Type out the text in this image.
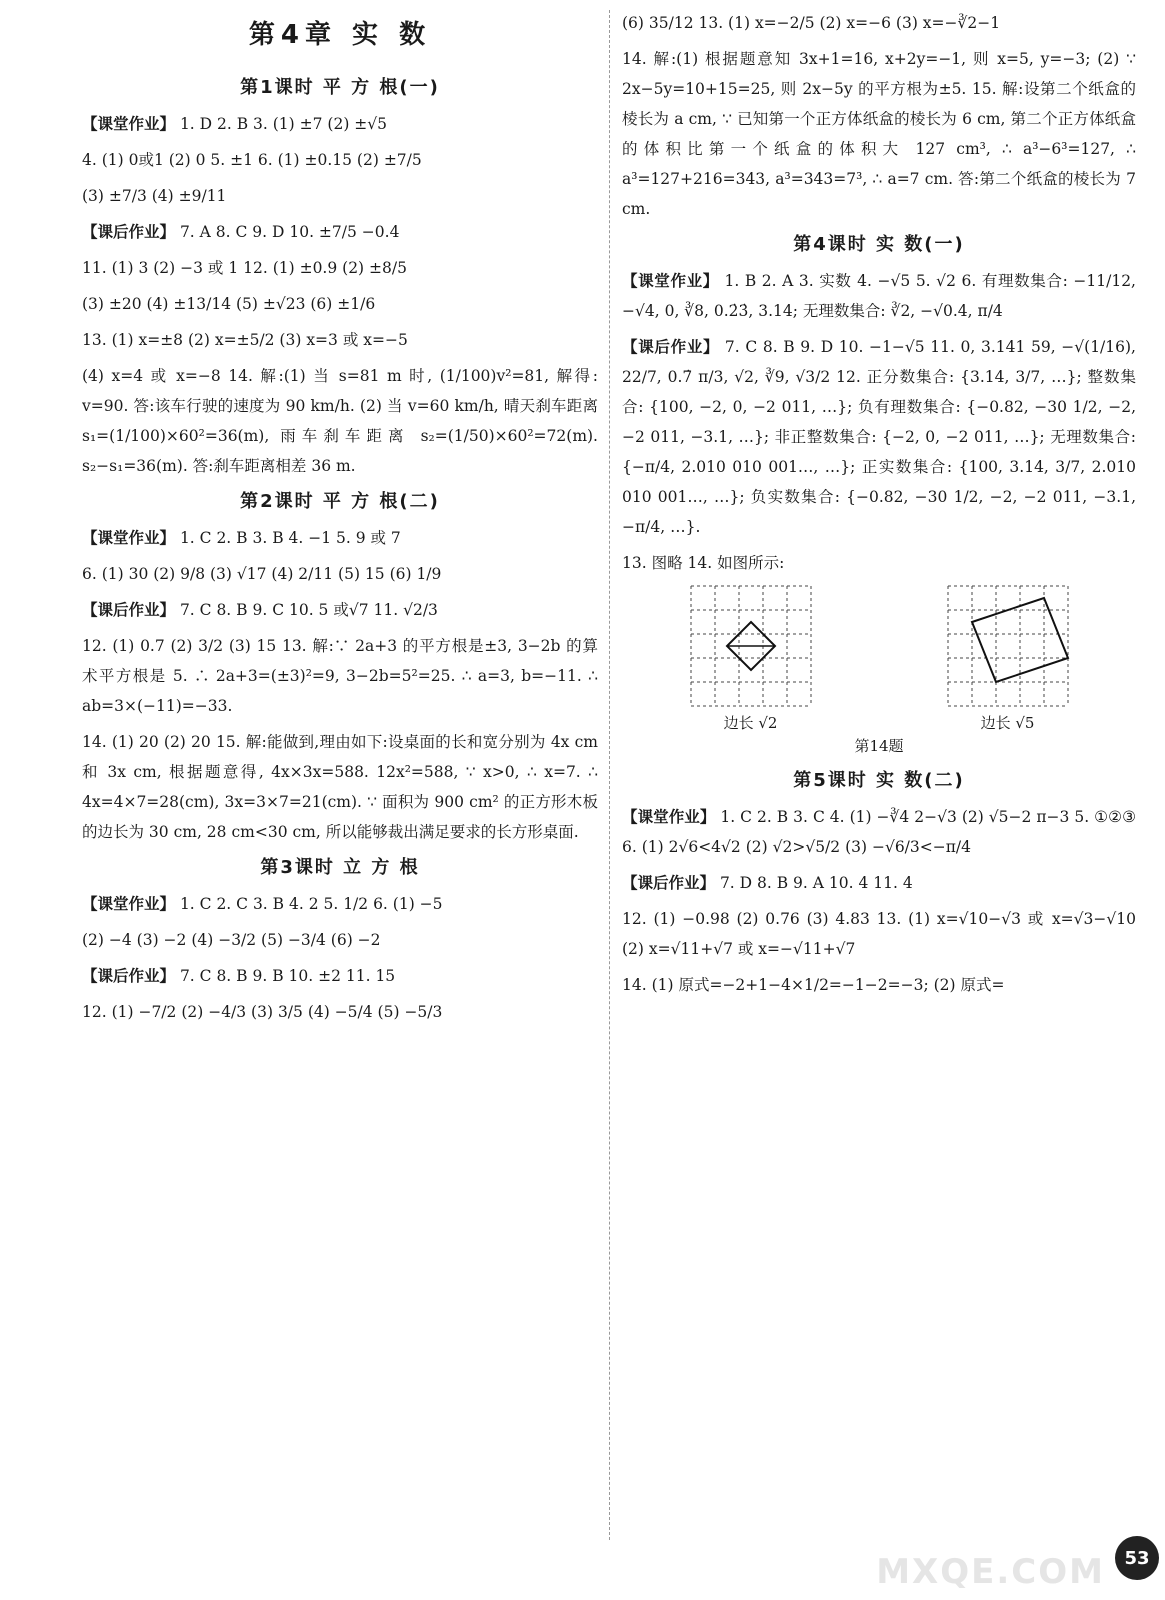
第4章 实 数
第1课时 平 方 根(一)

【课堂作业】 1. D 2. B 3. (1) ±7 (2) ±√5

4. (1) 0或1 (2) 0 5. ±1 6. (1) ±0.15 (2) ±7/5

(3) ±7/3 (4) ±9/11

【课后作业】 7. A 8. C 9. D 10. ±7/5 −0.4

11. (1) 3 (2) −3 或 1 12. (1) ±0.9 (2) ±8/5

(3) ±20 (4) ±13/14 (5) ±√23 (6) ±1/6

13. (1) x=±8 (2) x=±5/2 (3) x=3 或 x=−5

(4) x=4 或 x=−8 14. 解:(1) 当 s=81 m 时, (1/100)v²=81, 解得: v=90. 答:该车行驶的速度为 90 km/h. (2) 当 v=60 km/h, 晴天刹车距离 s₁=(1/100)×60²=36(m), 雨车刹车距离 s₂=(1/50)×60²=72(m). s₂−s₁=36(m). 答:刹车距离相差 36 m.

第2课时 平 方 根(二)

【课堂作业】 1. C 2. B 3. B 4. −1 5. 9 或 7

6. (1) 30 (2) 9/8 (3) √17 (4) 2/11 (5) 15 (6) 1/9

【课后作业】 7. C 8. B 9. C 10. 5 或√7 11. √2/3

12. (1) 0.7 (2) 3/2 (3) 15 13. 解:∵ 2a+3 的平方根是±3, 3−2b 的算术平方根是 5. ∴ 2a+3=(±3)²=9, 3−2b=5²=25. ∴ a=3, b=−11. ∴ ab=3×(−11)=−33.

14. (1) 20 (2) 20 15. 解:能做到,理由如下:设桌面的长和宽分别为 4x cm 和 3x cm, 根据题意得, 4x×3x=588. 12x²=588, ∵ x>0, ∴ x=7. ∴ 4x=4×7=28(cm), 3x=3×7=21(cm). ∵ 面积为 900 cm² 的正方形木板的边长为 30 cm, 28 cm<30 cm, 所以能够裁出满足要求的长方形桌面.

第3课时 立 方 根

【课堂作业】 1. C 2. C 3. B 4. 2 5. 1/2 6. (1) −5

(2) −4 (3) −2 (4) −3/2 (5) −3/4 (6) −2

【课后作业】 7. C 8. B 9. B 10. ±2 11. 15

12. (1) −7/2 (2) −4/3 (3) 3/5 (4) −5/4 (5) −5/3

(6) 35/12 13. (1) x=−2/5 (2) x=−6 (3) x=−∛2−1

14. 解:(1) 根据题意知 3x+1=16, x+2y=−1, 则 x=5, y=−3; (2) ∵ 2x−5y=10+15=25, 则 2x−5y 的平方根为±5. 15. 解:设第二个纸盒的棱长为 a cm, ∵ 已知第一个正方体纸盒的棱长为 6 cm, 第二个正方体纸盒的体积比第一个纸盒的体积大 127 cm³, ∴ a³−6³=127, ∴ a³=127+216=343, a³=343=7³, ∴ a=7 cm. 答:第二个纸盒的棱长为 7 cm.

第4课时 实 数(一)

【课堂作业】 1. B 2. A 3. 实数 4. −√5 5. √2 6. 有理数集合: −11/12, −√4, 0, ∛8, 0.2̇3̇, 3.14; 无理数集合: ∛2, −√0.4, π/4

【课后作业】 7. C 8. B 9. D 10. −1−√5 11. 0, 3.141 59, −√(1/16), 22/7, 0.7̇ π/3, √2, ∛9, √3/2 12. 正分数集合: {3.14, 3/7, …}; 整数集合: {100, −2, 0, −2 011, …}; 负有理数集合: {−0.82, −30 1/2, −2, −2 011, −3.1, …}; 非正整数集合: {−2, 0, −2 011, …}; 无理数集合: {−π/4, 2.010 010 001…, …}; 正实数集合: {100, 3.14, 3/7, 2.010 010 001…, …}; 负实数集合: {−0.82, −30 1/2, −2, −2 011, −3.1, −π/4, …}.

13. 图略 14. 如图所示:

边长 √2	边长 √5
第14题
第5课时 实 数(二)

【课堂作业】 1. C 2. B 3. C 4. (1) −∛4 2−√3 (2) √5−2 π−3 5. ①②③ 6. (1) 2√6<4√2 (2) √2>√5/2 (3) −√6/3<−π/4

【课后作业】 7. D 8. B 9. A 10. 4 11. 4

12. (1) −0.98 (2) 0.76 (3) 4.83 13. (1) x=√10−√3 或 x=√3−√10 (2) x=√11+√7 或 x=−√11+√7

14. (1) 原式=−2+1−4×1/2=−1−2=−3; (2) 原式=

MXQE.COM	53
